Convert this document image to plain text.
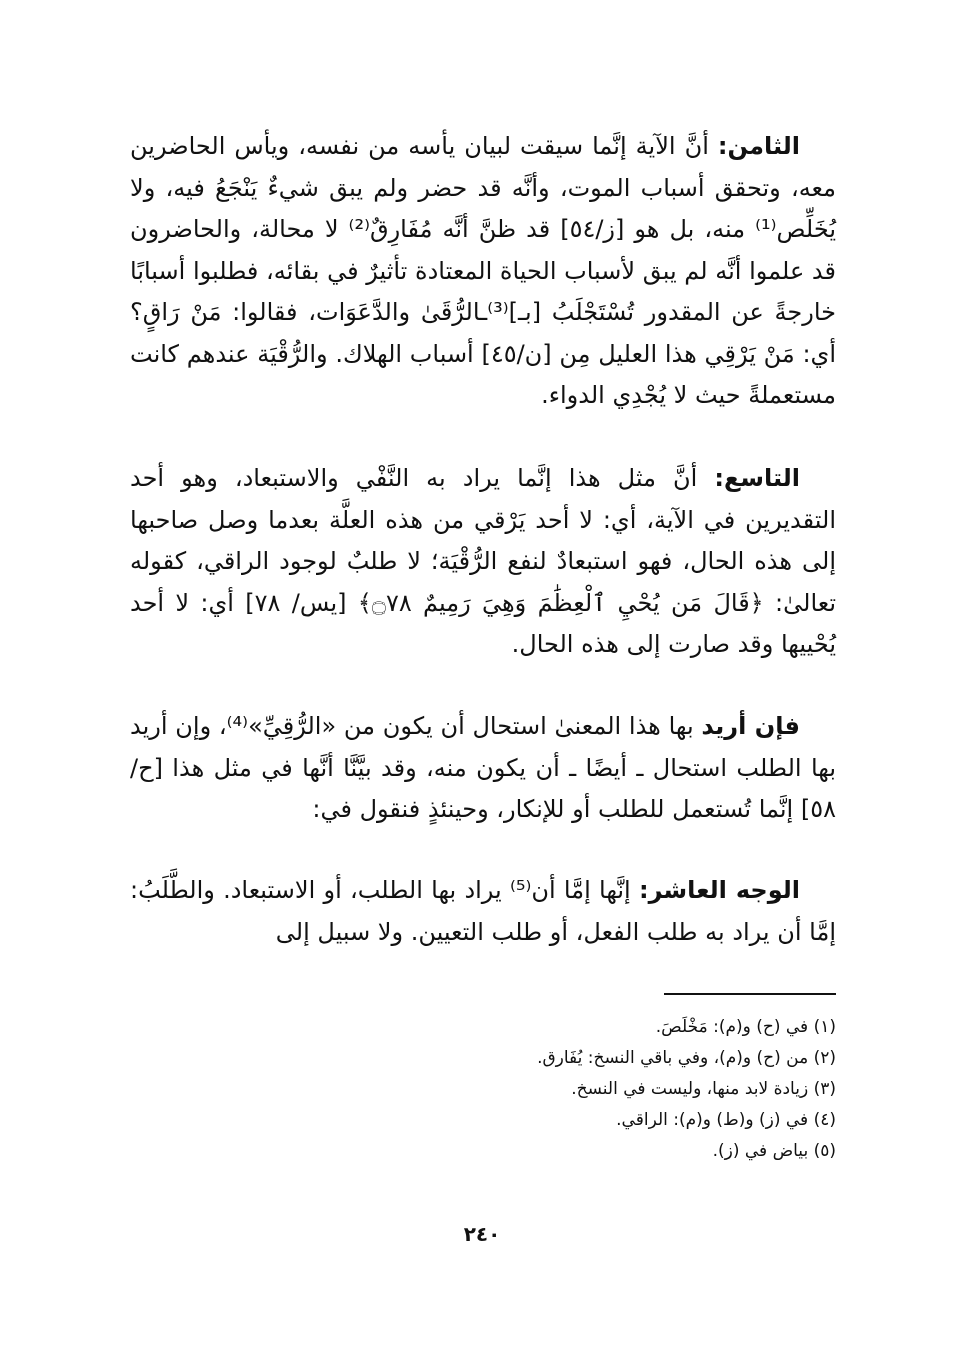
الثامن: أنَّ الآية إنَّما سيقت لبيان يأسه من نفسه، ويأس الحاضرين معه، وتحقق أسباب الموت، وأنَّه قد حضر ولم يبق شيءٌ يَنْجَعُ فيه، ولا يُخَلِّص⁽¹⁾ منه، بل هو [ز/٥٤] قد ظنَّ أنَّه مُفَارِقٌ⁽²⁾ لا محالة، والحاضرون قد علموا أنَّه لم يبق لأسباب الحياة المعتادة تأثيرٌ في بقائه، فطلبوا أسبابًا خارجةً عن المقدور تُسْتَجْلَبُ [بـ]⁽³⁾ـالرُّقَىٰ والدَّعَوَات، فقالوا: مَنْ رَاقٍ؟ أي: مَنْ يَرْقِي هذا العليل مِن [ن/٤٥] أسباب الهلاك. والرُّقْيَة عندهم كانت مستعملةً حيث لا يُجْدِي الدواء.

التاسع: أنَّ مثل هذا إنَّما يراد به النَّفْي والاستبعاد، وهو أحد التقديرين في الآية، أي: لا أحد يَرْقي من هذه العلَّة بعدما وصل صاحبها إلى هذه الحال، فهو استبعادٌ لنفع الرُّقْيَة؛ لا طلبٌ لوجود الراقي، كقوله تعالىٰ: ﴿قَالَ مَن يُحْيِ ٱلْعِظَٰمَ وَهِيَ رَمِيمٌ ۝٧٨﴾ [يس/ ٧٨] أي: لا أحد يُحْييها وقد صارت إلى هذه الحال.

فإن أريد بها هذا المعنىٰ استحال أن يكون من «الرُّقِيِّ»⁽⁴⁾، وإن أريد بها الطلب استحال ـ أيضًا ـ أن يكون منه، وقد بيَّنَّا أنَّها في مثل هذا [ح/٥٨] إنَّما تُستعمل للطلب أو للإنكار، وحينئذٍ فنقول في:

الوجه العاشر: إنَّها إمَّا أن⁽⁵⁾ يراد بها الطلب، أو الاستبعاد. والطَّلَبُ: إمَّا أن يراد به طلب الفعل، أو طلب التعيين. ولا سبيل إلى

(١) في (ح) و(م): مَخْلَصَ.

(٢) من (ح) و(م)، وفي باقي النسخ: يُفَارق.

(٣) زيادة لابد منها، وليست في النسخ.

(٤) في (ز) و(ط) و(م): الراقي.

(٥) بياض في (ز).

٢٤٠
